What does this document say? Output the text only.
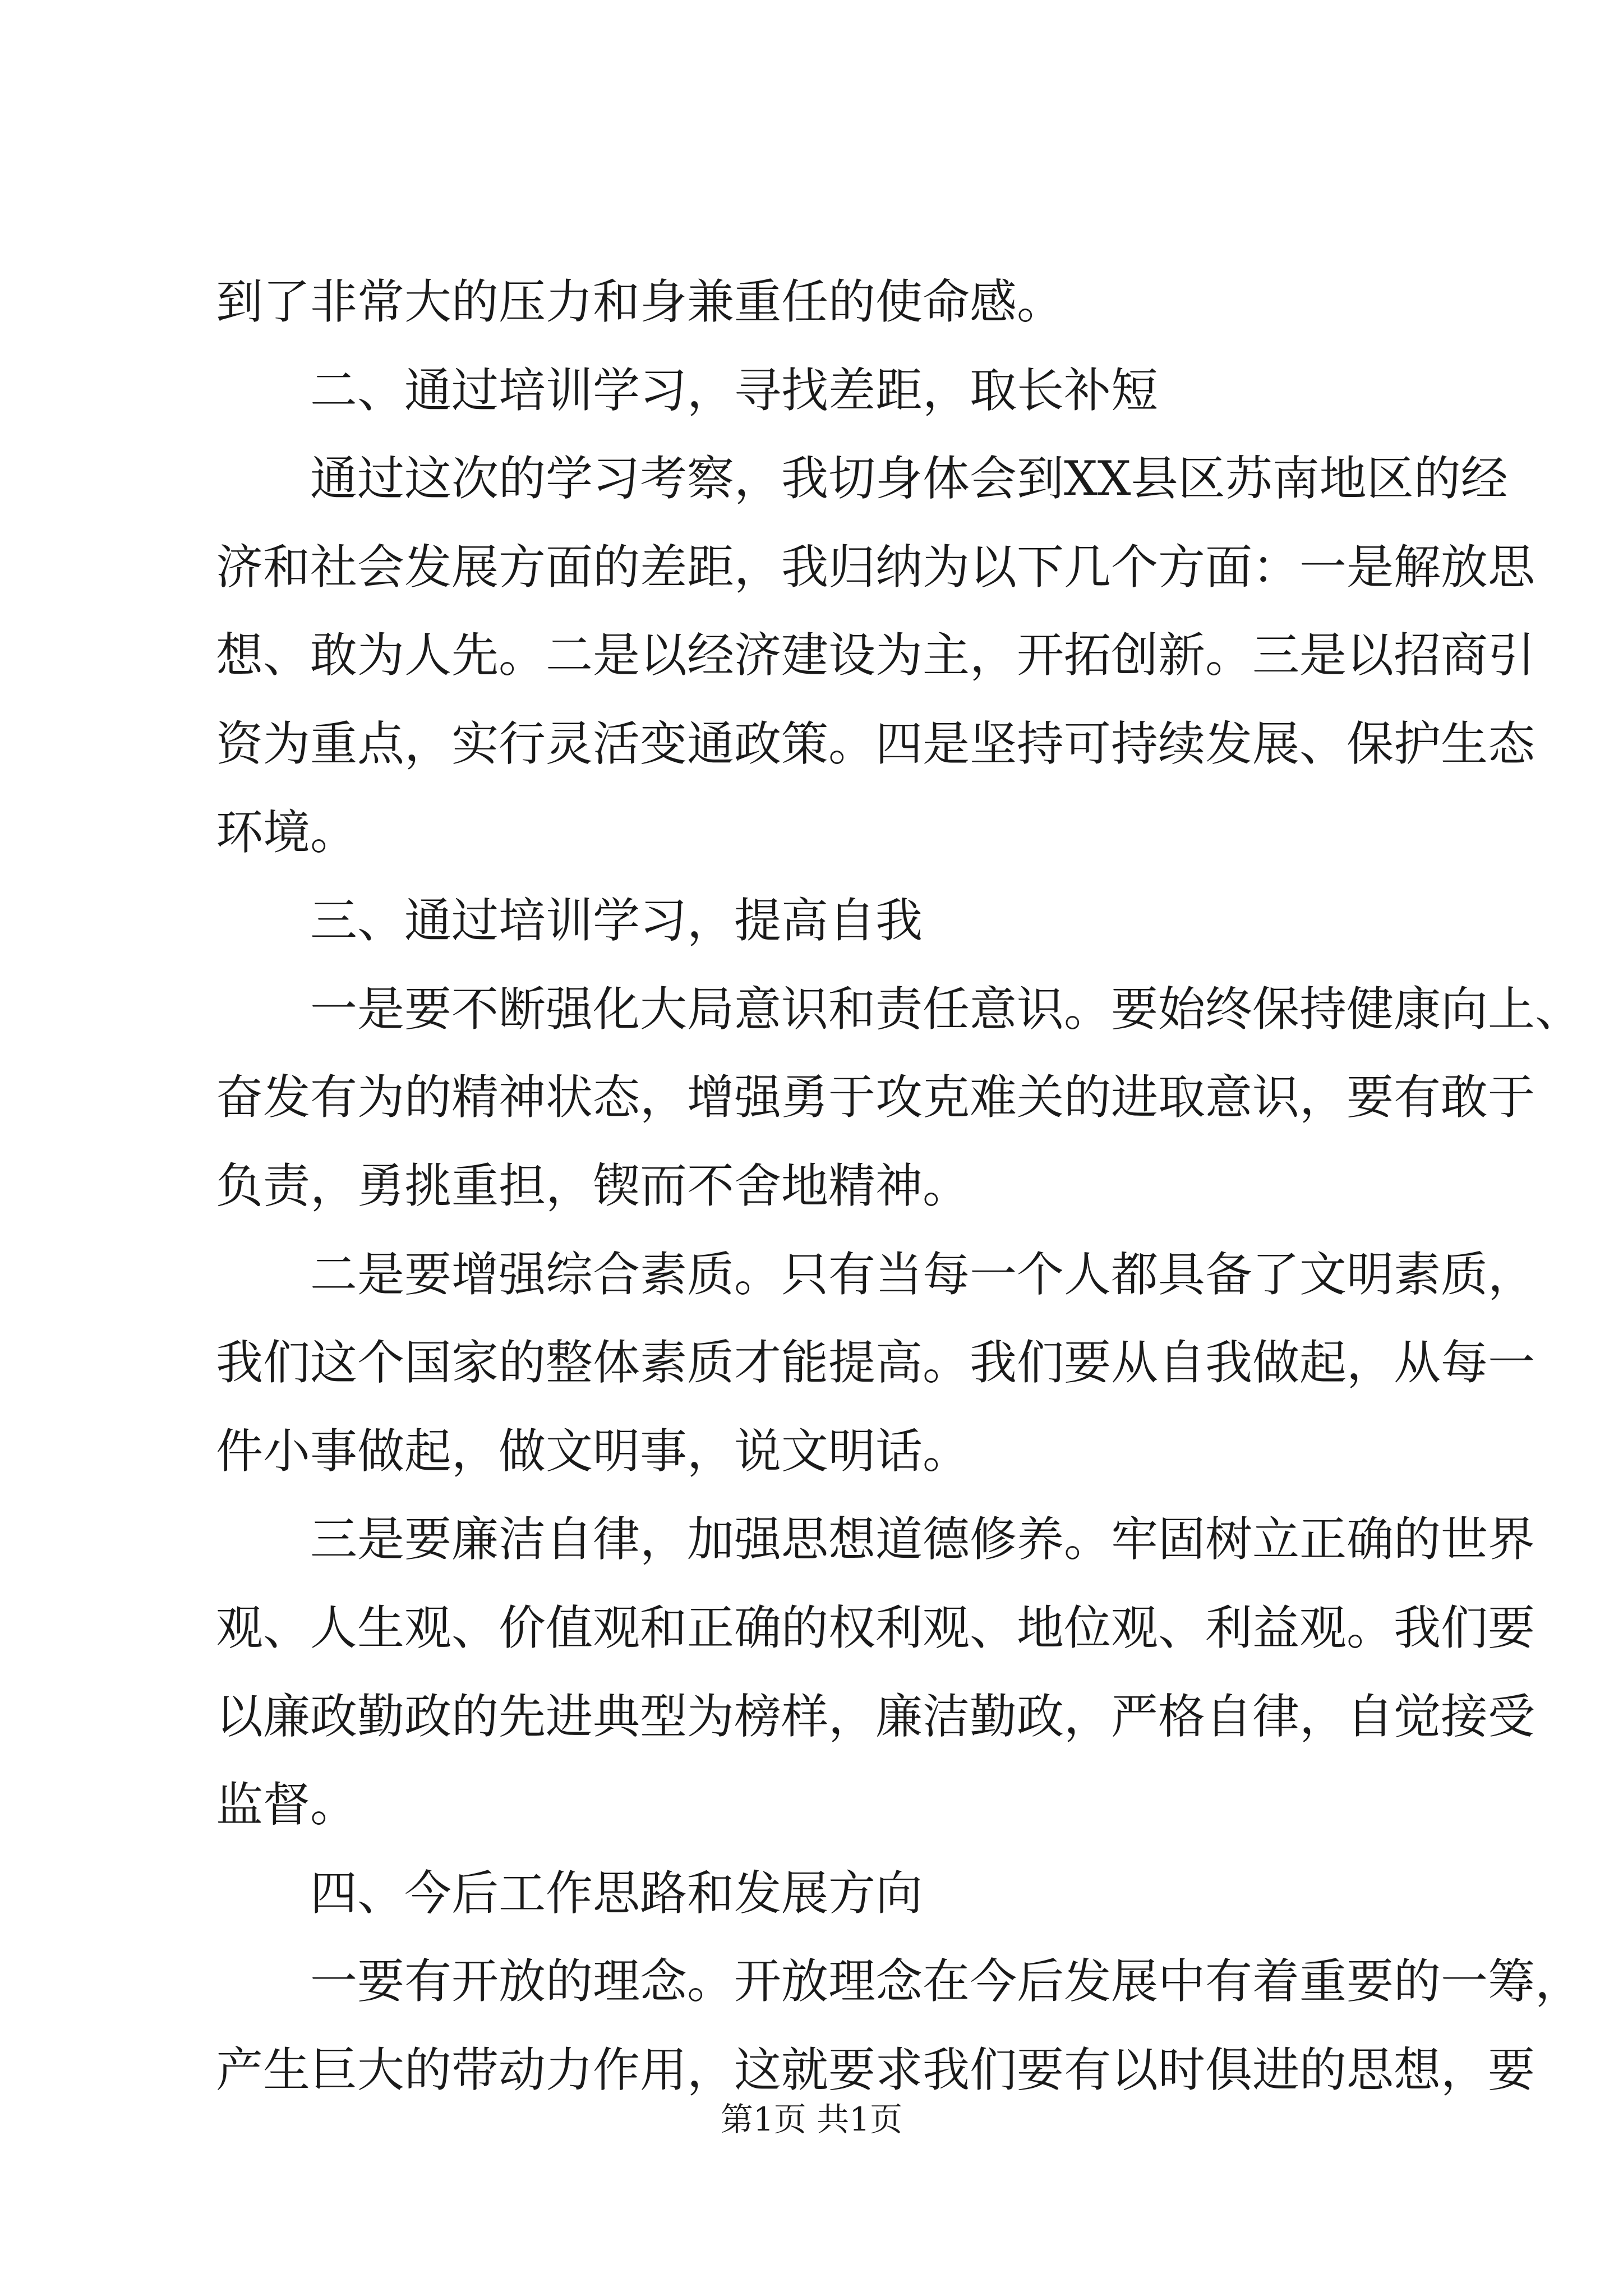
到了非常大的压力和身兼重任的使命感。
二、通过培训学习，寻找差距，取长补短
通过这次的学习考察，我切身体会到XX县区苏南地区的经
济和社会发展方面的差距，我归纳为以下几个方面：一是解放思
想、敢为人先。二是以经济建设为主，开拓创新。三是以招商引
资为重点，实行灵活变通政策。四是坚持可持续发展、保护生态
环境。
三、通过培训学习，提高自我
一是要不断强化大局意识和责任意识。要始终保持健康向上、
奋发有为的精神状态，增强勇于攻克难关的进取意识，要有敢于
负责，勇挑重担，锲而不舍地精神。
二是要增强综合素质。只有当每一个人都具备了文明素质，
我们这个国家的整体素质才能提高。我们要从自我做起，从每一
件小事做起，做文明事，说文明话。
三是要廉洁自律，加强思想道德修养。牢固树立正确的世界
观、人生观、价值观和正确的权利观、地位观、利益观。我们要
以廉政勤政的先进典型为榜样，廉洁勤政，严格自律，自觉接受
监督。
四、今后工作思路和发展方向
一要有开放的理念。开放理念在今后发展中有着重要的一筹，
产生巨大的带动力作用，这就要求我们要有以时俱进的思想，要
第1页 共1页
